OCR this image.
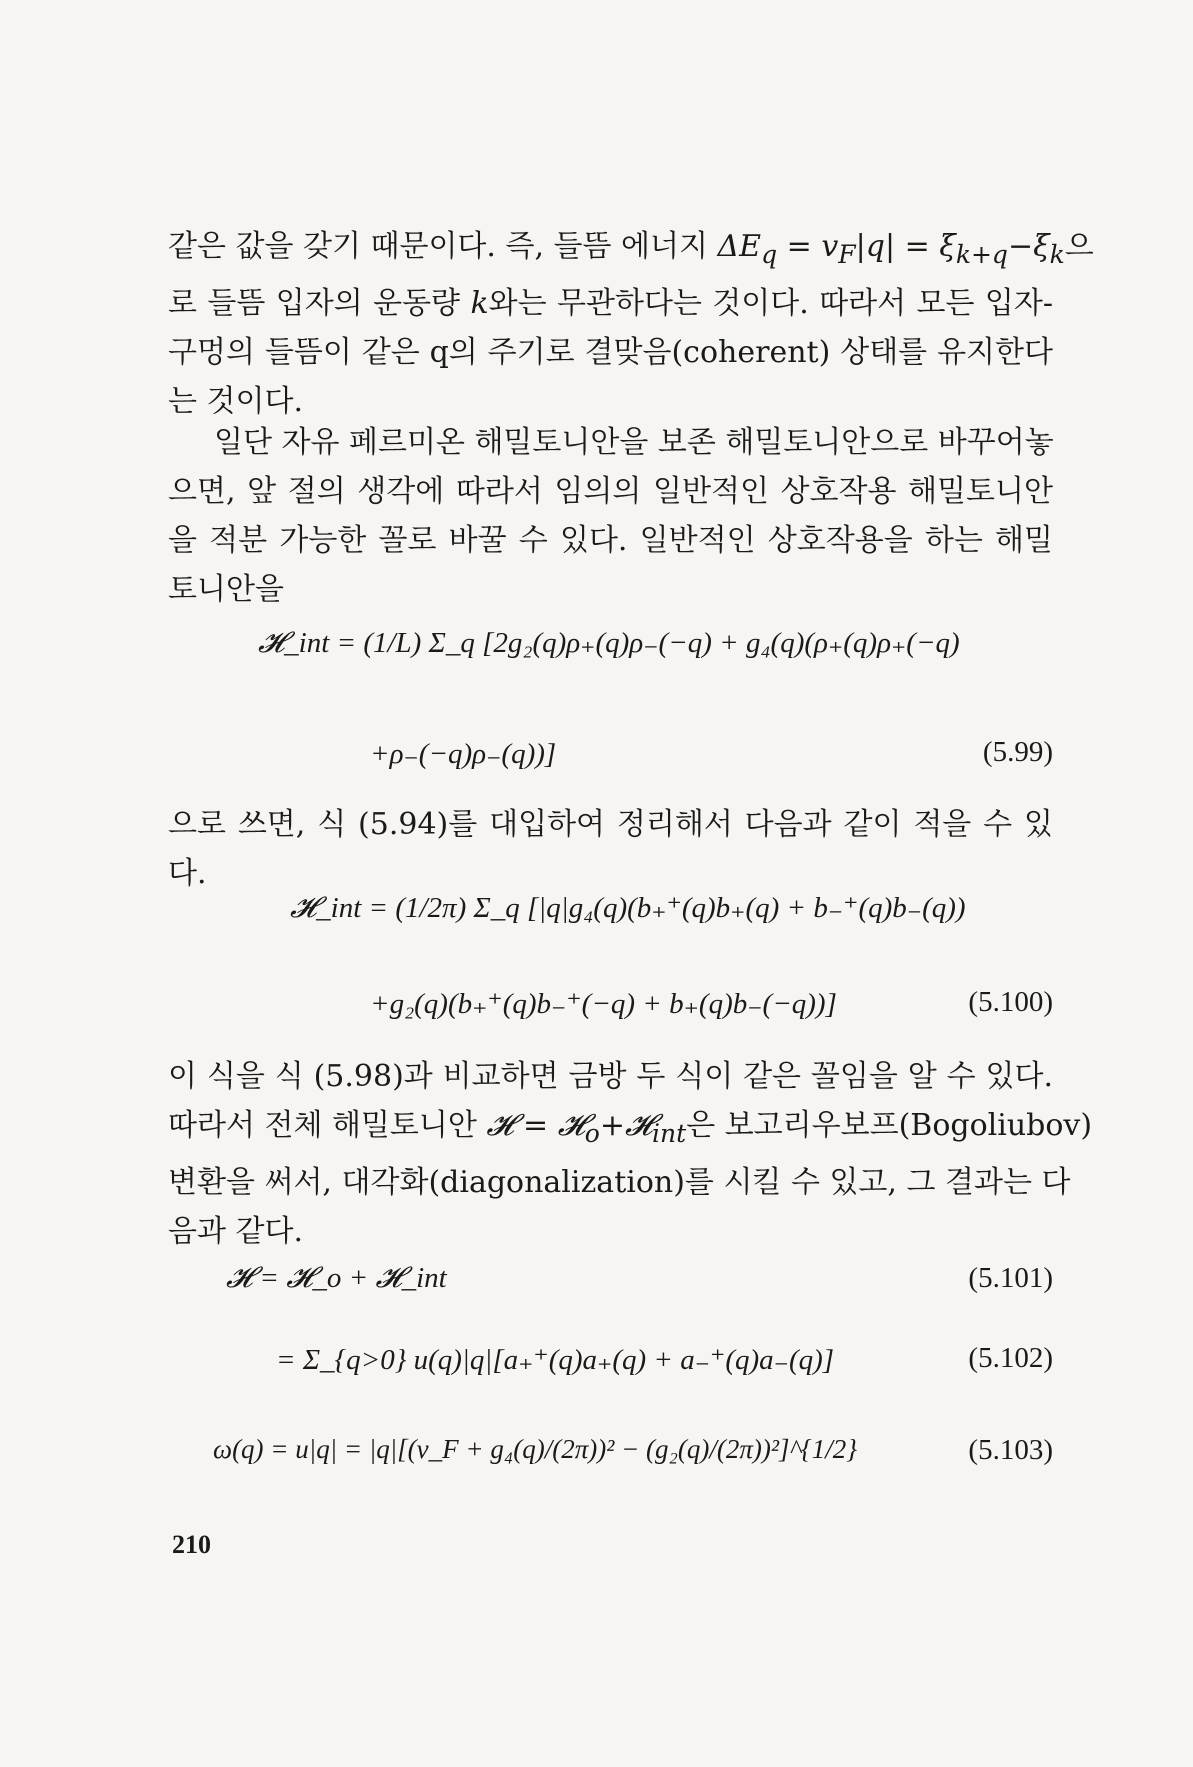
같은 값을 갖기 때문이다. 즉, 들뜸 에너지 $\Delta E_q = v_F|q| = \xi_{k+q}-\xi_k$으
로 들뜸 입자의 운동량 k와는 무관하다는 것이다. 따라서 모든 입자-
구멍의 들뜸이 같은 q의 주기로 결맞음(coherent) 상태를 유지한다
는 것이다.

일단 자유 페르미온 해밀토니안을 보존 해밀토니안으로 바꾸어놓
으면, 앞 절의 생각에 따라서 임의의 일반적인 상호작용 해밀토니안
을 적분 가능한 꼴로 바꿀 수 있다. 일반적인 상호작용을 하는 해밀
토니안을

𝓗_int = (1/L) Σ_q [2g₂(q)ρ₊(q)ρ₋(−q) + g₄(q)(ρ₊(q)ρ₊(−q)
+ρ₋(−q)ρ₋(q))]	(5.99)

으로 쓰면, 식 (5.94)를 대입하여 정리해서 다음과 같이 적을 수 있
다.

𝓗_int = (1/2π) Σ_q [|q|g₄(q)(b₊⁺(q)b₊(q) + b₋⁺(q)b₋(q))
+g₂(q)(b₊⁺(q)b₋⁺(−q) + b₊(q)b₋(−q))]	(5.100)

이 식을 식 (5.98)과 비교하면 금방 두 식이 같은 꼴임을 알 수 있다.
따라서 전체 해밀토니안 𝓗 = 𝓗$_o$+𝓗$_{int}$은 보고리우보프(Bogoliubov)
변환을 써서, 대각화(diagonalization)를 시킬 수 있고, 그 결과는 다
음과 같다.

𝓗 = 𝓗_o + 𝓗_int	(5.101)
= Σ_{q>0} u(q)|q|[a₊⁺(q)a₊(q) + a₋⁺(q)a₋(q)]	(5.102)
ω(q) = u|q| = |q|[(v_F + g₄(q)/(2π))² − (g₂(q)/(2π))²]^{1/2}	(5.103)
210
